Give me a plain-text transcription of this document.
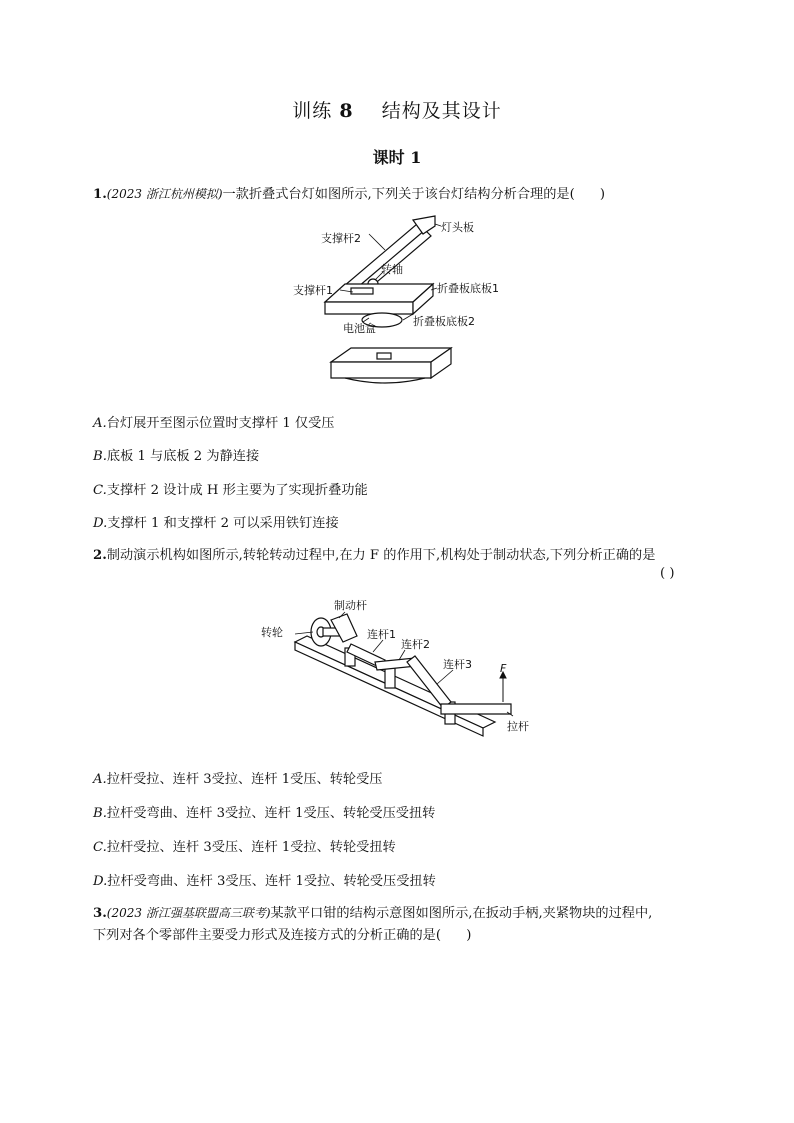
训练 8 结构及其设计
课时 1
1.(2023 浙江杭州模拟)一款折叠式台灯如图所示,下列关于该台灯结构分析合理的是( )
支撑杆2
灯头板
转轴
支撑杆1	折叠板底板1
电池盒
折叠板底板2
A.台灯展开至图示位置时支撑杆 1 仅受压
B.底板 1 与底板 2 为静连接
C.支撑杆 2 设计成 H 形主要为了实现折叠功能
D.支撑杆 1 和支撑杆 2 可以采用铁钉连接
2.制动演示机构如图所示,转轮转动过程中,在力 F 的作用下,机构处于制动状态,下列分析正确的是
( )
制动杆
转轮	连杆1
连杆2
连杆3	F
拉杆
A.拉杆受拉、连杆 3受拉、连杆 1受压、转轮受压
B.拉杆受弯曲、连杆 3受拉、连杆 1受压、转轮受压受扭转
C.拉杆受拉、连杆 3受压、连杆 1受拉、转轮受扭转
D.拉杆受弯曲、连杆 3受压、连杆 1受拉、转轮受压受扭转
3.(2023 浙江强基联盟高三联考)某款平口钳的结构示意图如图所示,在扳动手柄,夹紧物块的过程中,
下列对各个零部件主要受力形式及连接方式的分析正确的是( )
